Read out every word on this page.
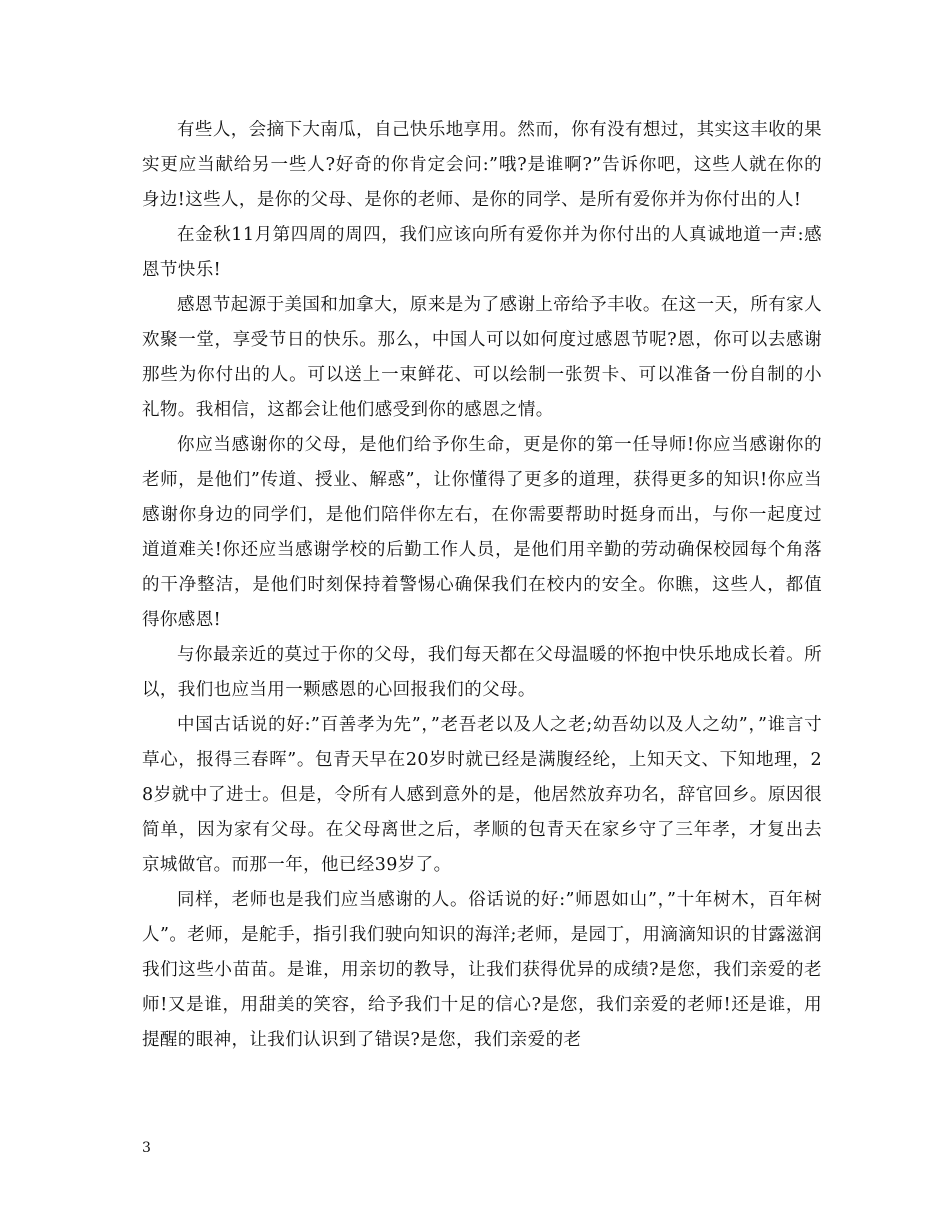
有些人，会摘下大南瓜，自己快乐地享用。然而，你有没有想过，其实这丰收的果实更应当献给另一些人?好奇的你肯定会问:”哦?是谁啊?”告诉你吧，这些人就在你的身边!这些人，是你的父母、是你的老师、是你的同学、是所有爱你并为你付出的人!

在金秋11月第四周的周四，我们应该向所有爱你并为你付出的人真诚地道一声:感恩节快乐!

感恩节起源于美国和加拿大，原来是为了感谢上帝给予丰收。在这一天，所有家人欢聚一堂，享受节日的快乐。那么，中国人可以如何度过感恩节呢?恩，你可以去感谢那些为你付出的人。可以送上一束鲜花、可以绘制一张贺卡、可以准备一份自制的小礼物。我相信，这都会让他们感受到你的感恩之情。

你应当感谢你的父母，是他们给予你生命，更是你的第一任导师!你应当感谢你的老师，是他们”传道、授业、解惑”，让你懂得了更多的道理，获得更多的知识!你应当感谢你身边的同学们，是他们陪伴你左右，在你需要帮助时挺身而出，与你一起度过道道难关!你还应当感谢学校的后勤工作人员，是他们用辛勤的劳动确保校园每个角落的干净整洁，是他们时刻保持着警惕心确保我们在校内的安全。你瞧，这些人，都值得你感恩!

与你最亲近的莫过于你的父母，我们每天都在父母温暖的怀抱中快乐地成长着。所以，我们也应当用一颗感恩的心回报我们的父母。

中国古话说的好:”百善孝为先”，”老吾老以及人之老;幼吾幼以及人之幼”，”谁言寸草心，报得三春晖”。包青天早在20岁时就已经是满腹经纶，上知天文、下知地理，28岁就中了进士。但是，令所有人感到意外的是，他居然放弃功名，辞官回乡。原因很简单，因为家有父母。在父母离世之后，孝顺的包青天在家乡守了三年孝，才复出去京城做官。而那一年，他已经39岁了。

同样，老师也是我们应当感谢的人。俗话说的好:”师恩如山”，”十年树木，百年树人”。老师，是舵手，指引我们驶向知识的海洋;老师，是园丁，用滴滴知识的甘露滋润我们这些小苗苗。是谁，用亲切的教导，让我们获得优异的成绩?是您，我们亲爱的老师!又是谁，用甜美的笑容，给予我们十足的信心?是您，我们亲爱的老师!还是谁，用提醒的眼神，让我们认识到了错误?是您，我们亲爱的老

3
